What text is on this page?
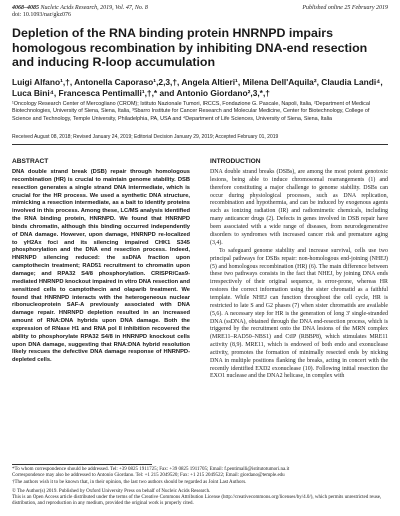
4068–4085 Nucleic Acids Research, 2019, Vol. 47, No. 8
doi: 10.1093/nar/gkz076
Published online 25 February 2019
Depletion of the RNA binding protein HNRNPD impairs homologous recombination by inhibiting DNA-end resection and inducing R-loop accumulation
Luigi Alfano¹,†, Antonella Caporaso¹,2,3,†, Angela Altieri¹, Milena Dell'Aquila², Claudia Landi⁴, Luca Bini⁴, Francesca Pentimalli¹,†,* and Antonio Giordano²,3,*,†
¹Oncology Research Center of Mercogliano (CROM); Istituto Nazionale Tumori, IRCCS, Fondazione G. Pascale, Napoli, Italia, ²Department of Medical Biotechnologies, University of Siena, Siena, Italia, ³Sbarro Institute for Cancer Research and Molecular Medicine, Center for Biotechnology, College of Science and Technology, Temple University, Philadelphia, PA, USA and ⁴Department of Life Sciences, University of Siena, Siena, Italia
Received August 08, 2018; Revised January 24, 2019; Editorial Decision January 29, 2019; Accepted February 01, 2019
ABSTRACT

DNA double strand break (DSB) repair through homologous recombination (HR) is crucial to maintain genome stability. DSB resection generates a single strand DNA intermediate, which is crucial for the HR process. We used a synthetic DNA structure, mimicking a resection intermediate, as a bait to identify proteins involved in this process. Among these, LC/MS analysis identified the RNA binding protein, HNRNPD. We found that HNRNPD binds chromatin, although this binding occurred independently of DNA damage. However, upon damage, HNRNPD re-localized to γH2Ax foci and its silencing impaired CHK1 S345 phosphorylation and the DNA end resection process. Indeed, HNRNPD silencing reduced: the ssDNA fraction upon camptothecin treatment; RAD51 recruitment to chromatin upon damage; and RPA32 S4/8 phosphorylation. CRISPR/Cas9-mediated HNRNPD knockout impaired in vitro DNA resection and sensitized cells to camptothecin and olaparib treatment. We found that HNRNPD interacts with the heterogeneous nuclear ribonucleoprotein SAF-A previously associated with DNA damage repair. HNRNPD depletion resulted in an increased amount of RNA:DNA hybrids upon DNA damage. Both the expression of RNase H1 and RNA pol II inhibition recovered the ability to phosphorylate RPA32 S4/8 in HNRNPD knockout cells upon DNA damage, suggesting that RNA:DNA hybrid resolution likely rescues the defective DNA damage response of HNRNPD-depleted cells.

INTRODUCTION

DNA double strand breaks (DSBs), are among the most potent genotoxic lesions, being able to induce chromosomal rearrangements (1) and therefore constituting a major challenge to genome stability. DSBs can occur during physiological processes, such as DNA replication, recombination and hypothermia, and can be induced by exogenous agents such as ionizing radiation (IR) and radiomimetic chemicals, including many anticancer drugs (2). Defects in genes involved in DSB repair have been associated with a wide range of diseases, from neurodegenerative disorders to syndromes with increased cancer risk and premature aging (3,4).

To safeguard genome stability and increase survival, cells use two principal pathways for DSBs repair: non-homologous end-joining (NHEJ) (5) and homologous recombination (HR) (6). The main difference between these two pathways consists in the fact that NHEJ, by joining DNA ends irrespectively of their original sequence, is error-prone, whereas HR restores the correct information using the sister chromatid as a faithful template. While NHEJ can function throughout the cell cycle, HR is restricted to late S and G2 phases (7) when sister chromatids are available (5,6). A necessary step for HR is the generation of long 3' single-stranded DNA (ssDNA), obtained through the DNA end-resection process, which is triggered by the recruitment onto the DNA lesions of the MRN complex (MRE11–RAD50–NBS1) and CtIP (RBBP8), which stimulates MRE11 activity (8,9). MRE11, which is endowed of both endo and exonuclease activity, promotes the formation of minimally resected ends by nicking DNA in multiple positions flanking the breaks, acting in concert with the recently identified EXD2 exonuclease (10). Following initial resection the EXO1 nuclease and the DNA2 helicase, in complex with

*To whom correspondence should be addressed. Tel: +39 0825 1911725; Fax: +39 0825 1911705; Email: f.pentimalli@istitutotumori.na.it

Correspondence may also be addressed to Antonio Giordano. Tel: +1 215 2049520; Fax: +1 215 2049522; Email: giordano@temple.edu

†The authors wish it to be known that, in their opinion, the last two authors should be regarded as Joint Last Authors.

© The Author(s) 2019. Published by Oxford University Press on behalf of Nucleic Acids Research.

This is an Open Access article distributed under the terms of the Creative Commons Attribution License (http://creativecommons.org/licenses/by/4.0/), which permits unrestricted reuse, distribution, and reproduction in any medium, provided the original work is properly cited.
